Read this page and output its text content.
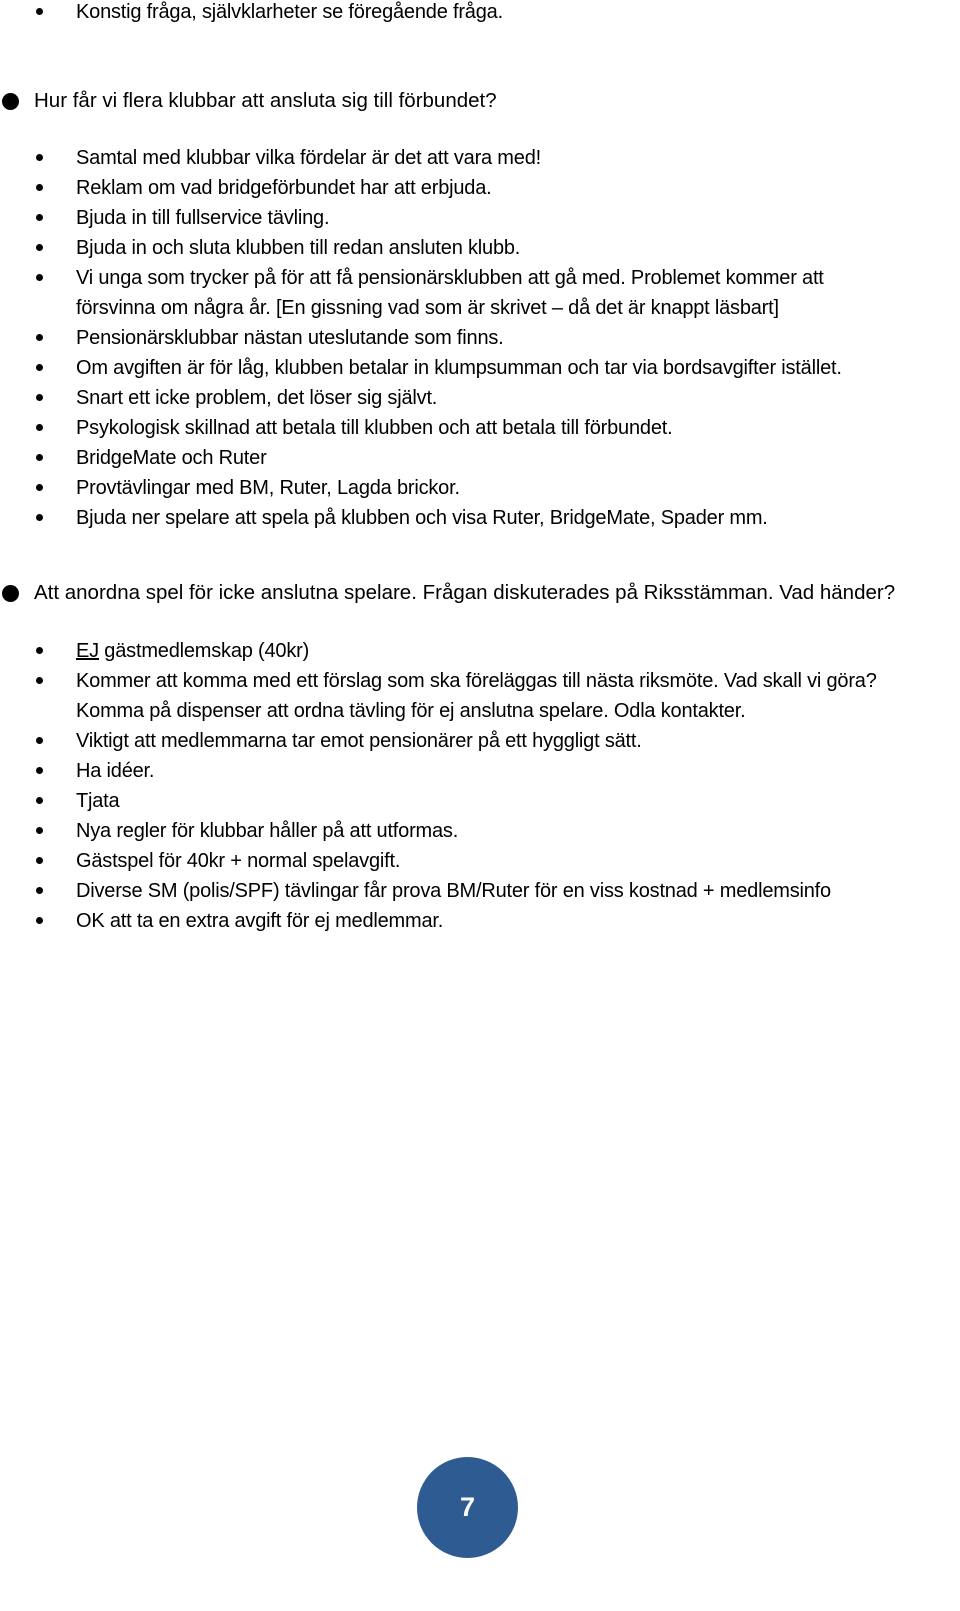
Konstig fråga, självklarheter se föregående fråga.
Hur får vi flera klubbar att ansluta sig till förbundet?
Samtal med klubbar vilka fördelar är det att vara med!
Reklam om vad bridgeförbundet har att erbjuda.
Bjuda in till fullservice tävling.
Bjuda in och sluta klubben till redan ansluten klubb.
Vi unga som trycker på för att få pensionärsklubben att gå med. Problemet kommer att
försvinna om några år. [En gissning vad som är skrivet – då det är knappt läsbart]
Pensionärsklubbar nästan uteslutande som finns.
Om avgiften är för låg, klubben betalar in klumpsumman och tar via bordsavgifter istället.
Snart ett icke problem, det löser sig självt.
Psykologisk skillnad att betala till klubben och att betala till förbundet.
BridgeMate och Ruter
Provtävlingar med BM, Ruter, Lagda brickor.
Bjuda ner spelare att spela på klubben och visa Ruter, BridgeMate, Spader mm.
Att anordna spel för icke anslutna spelare. Frågan diskuterades på Riksstämman. Vad händer?
EJ gästmedlemskap (40kr)
Kommer att komma med ett förslag som ska föreläggas till nästa riksmöte. Vad skall vi göra?
Komma på dispenser att ordna tävling för ej anslutna spelare. Odla kontakter.
Viktigt att medlemmarna tar emot pensionärer på ett hyggligt sätt.
Ha idéer.
Tjata
Nya regler för klubbar håller på att utformas.
Gästspel för 40kr + normal spelavgift.
Diverse SM (polis/SPF) tävlingar får prova BM/Ruter för en viss kostnad + medlemsinfo
OK att ta en extra avgift för ej medlemmar.
7
